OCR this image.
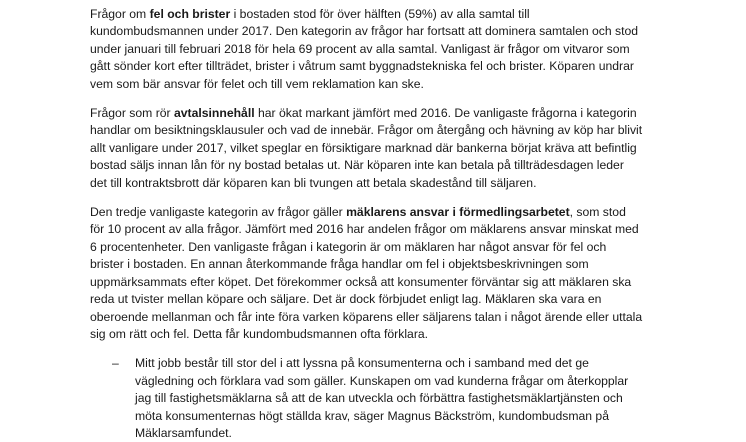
Frågor om fel och brister i bostaden stod för över hälften (59%) av alla samtal till
kundombudsmannen under 2017. Den kategorin av frågor har fortsatt att dominera samtalen och stod
under januari till februari 2018 för hela 69 procent av alla samtal. Vanligast är frågor om vitvaror som
gått sönder kort efter tillträdet, brister i våtrum samt byggnadstekniska fel och brister. Köparen undrar
vem som bär ansvar för felet och till vem reklamation kan ske.

Frågor som rör avtalsinnehåll har ökat markant jämfört med 2016. De vanligaste frågorna i kategorin
handlar om besiktningsklausuler och vad de innebär. Frågor om återgång och hävning av köp har blivit
allt vanligare under 2017, vilket speglar en försiktigare marknad där bankerna börjat kräva att befintlig
bostad säljs innan lån för ny bostad betalas ut. När köparen inte kan betala på tillträdesdagen leder
det till kontraktsbrott där köparen kan bli tvungen att betala skadestånd till säljaren.

Den tredje vanligaste kategorin av frågor gäller mäklarens ansvar i förmedlingsarbetet, som stod
för 10 procent av alla frågor. Jämfört med 2016 har andelen frågor om mäklarens ansvar minskat med
6 procentenheter. Den vanligaste frågan i kategorin är om mäklaren har något ansvar för fel och
brister i bostaden. En annan återkommande fråga handlar om fel i objektsbeskrivningen som
uppmärksammats efter köpet. Det förekommer också att konsumenter förväntar sig att mäklaren ska
reda ut tvister mellan köpare och säljare. Det är dock förbjudet enligt lag. Mäklaren ska vara en
oberoende mellanman och får inte föra varken köparens eller säljarens talan i något ärende eller uttala
sig om rätt och fel. Detta får kundombudsmannen ofta förklara.

– Mitt jobb består till stor del i att lyssna på konsumenterna och i samband med det ge
vägledning och förklara vad som gäller. Kunskapen om vad kunderna frågar om återkopplar
jag till fastighetsmäklarna så att de kan utveckla och förbättra fastighetsmäklartjänsten och
möta konsumenternas högt ställda krav, säger Magnus Bäckström, kundombudsman på
Mäklarsamfundet.
